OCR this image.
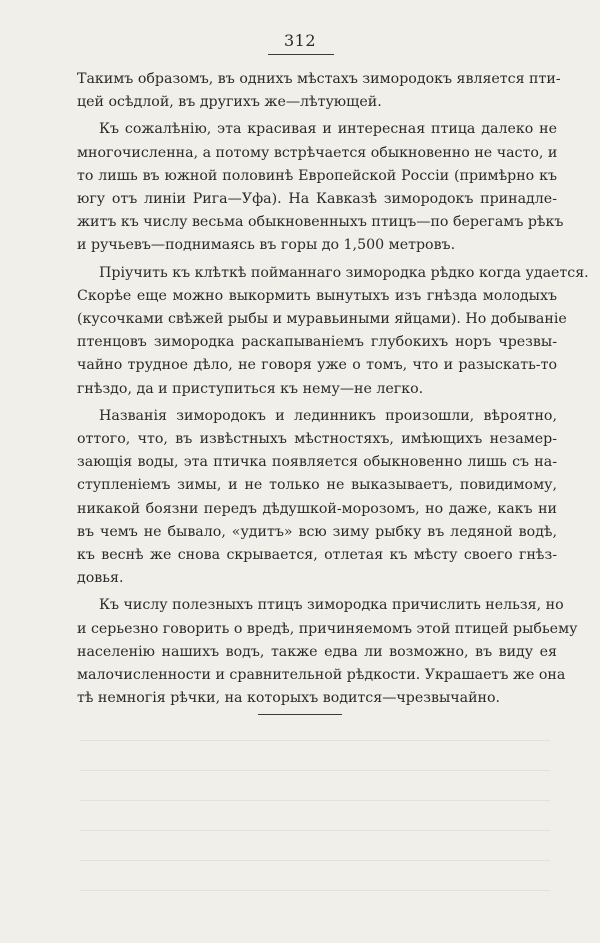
312

Такимъ образомъ, въ однихъ мѣстахъ зимородокъ является пти-
цей осѣдлой, въ другихъ же—лѣтующей.

Къ сожалѣнію, эта красивая и интересная птица далеко не
многочисленна, а потому встрѣчается обыкновенно не часто, и
то лишь въ южной половинѣ Европейской Россіи (примѣрно къ
югу отъ линіи Рига—Уфа). На Кавказѣ зимородокъ принадле-
житъ къ числу весьма обыкновенныхъ птицъ—по берегамъ рѣкъ
и ручьевъ—поднимаясь въ горы до 1,500 метровъ.

Пріучить къ клѣткѣ пойманнаго зимородка рѣдко когда удается.
Скорѣе еще можно выкормить вынутыхъ изъ гнѣзда молодыхъ
(кусочками свѣжей рыбы и муравьиными яйцами). Но добываніе
птенцовъ зимородка раскапываніемъ глубокихъ норъ чрезвы-
чайно трудное дѣло, не говоря уже о томъ, что и разыскать-то
гнѣздо, да и приступиться къ нему—не легко.

Названія зимородокъ и лединникъ произошли, вѣроятно,
оттого, что, въ извѣстныхъ мѣстностяхъ, имѣющихъ незамер-
зающія воды, эта птичка появляется обыкновенно лишь съ на-
ступленіемъ зимы, и не только не выказываетъ, повидимому,
никакой боязни передъ дѣдушкой-морозомъ, но даже, какъ ни
въ чемъ не бывало, «удитъ» всю зиму рыбку въ ледяной водѣ,
къ веснѣ же снова скрывается, отлетая къ мѣсту своего гнѣз-
довья.

Къ числу полезныхъ птицъ зимородка причислить нельзя, но
и серьезно говорить о вредѣ, причиняемомъ этой птицей рыбьему
населенію нашихъ водъ, также едва ли возможно, въ виду ея
малочисленности и сравнительной рѣдкости. Украшаетъ же она
тѣ немногія рѣчки, на которыхъ водится—чрезвычайно.
